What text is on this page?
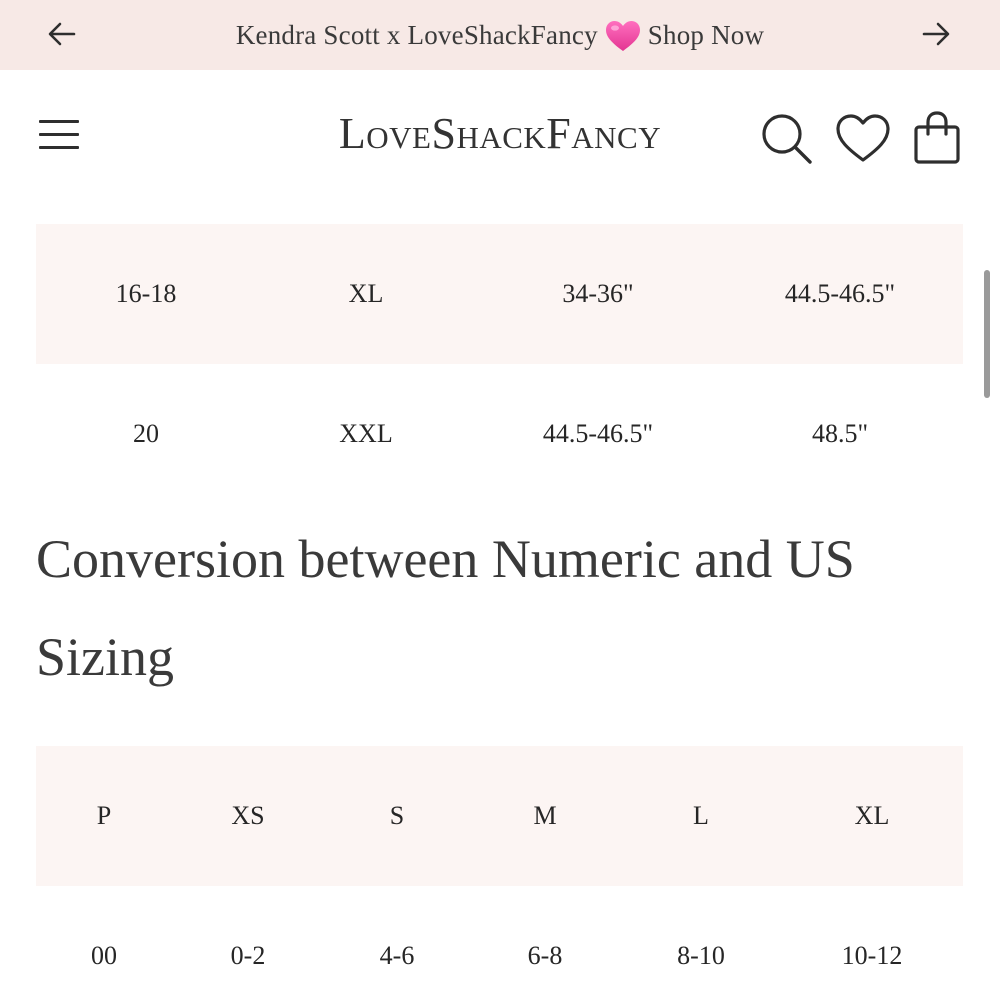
Kendra Scott x LoveShackFancy Shop Now
LoveShackFancy
16-18	XL	34-36"	44.5-46.5"
20	XXL	44.5-46.5"	48.5"
Conversion between Numeric and US Sizing
P	XS	S	M	L	XL
00	0-2	4-6	6-8	8-10	10-12
